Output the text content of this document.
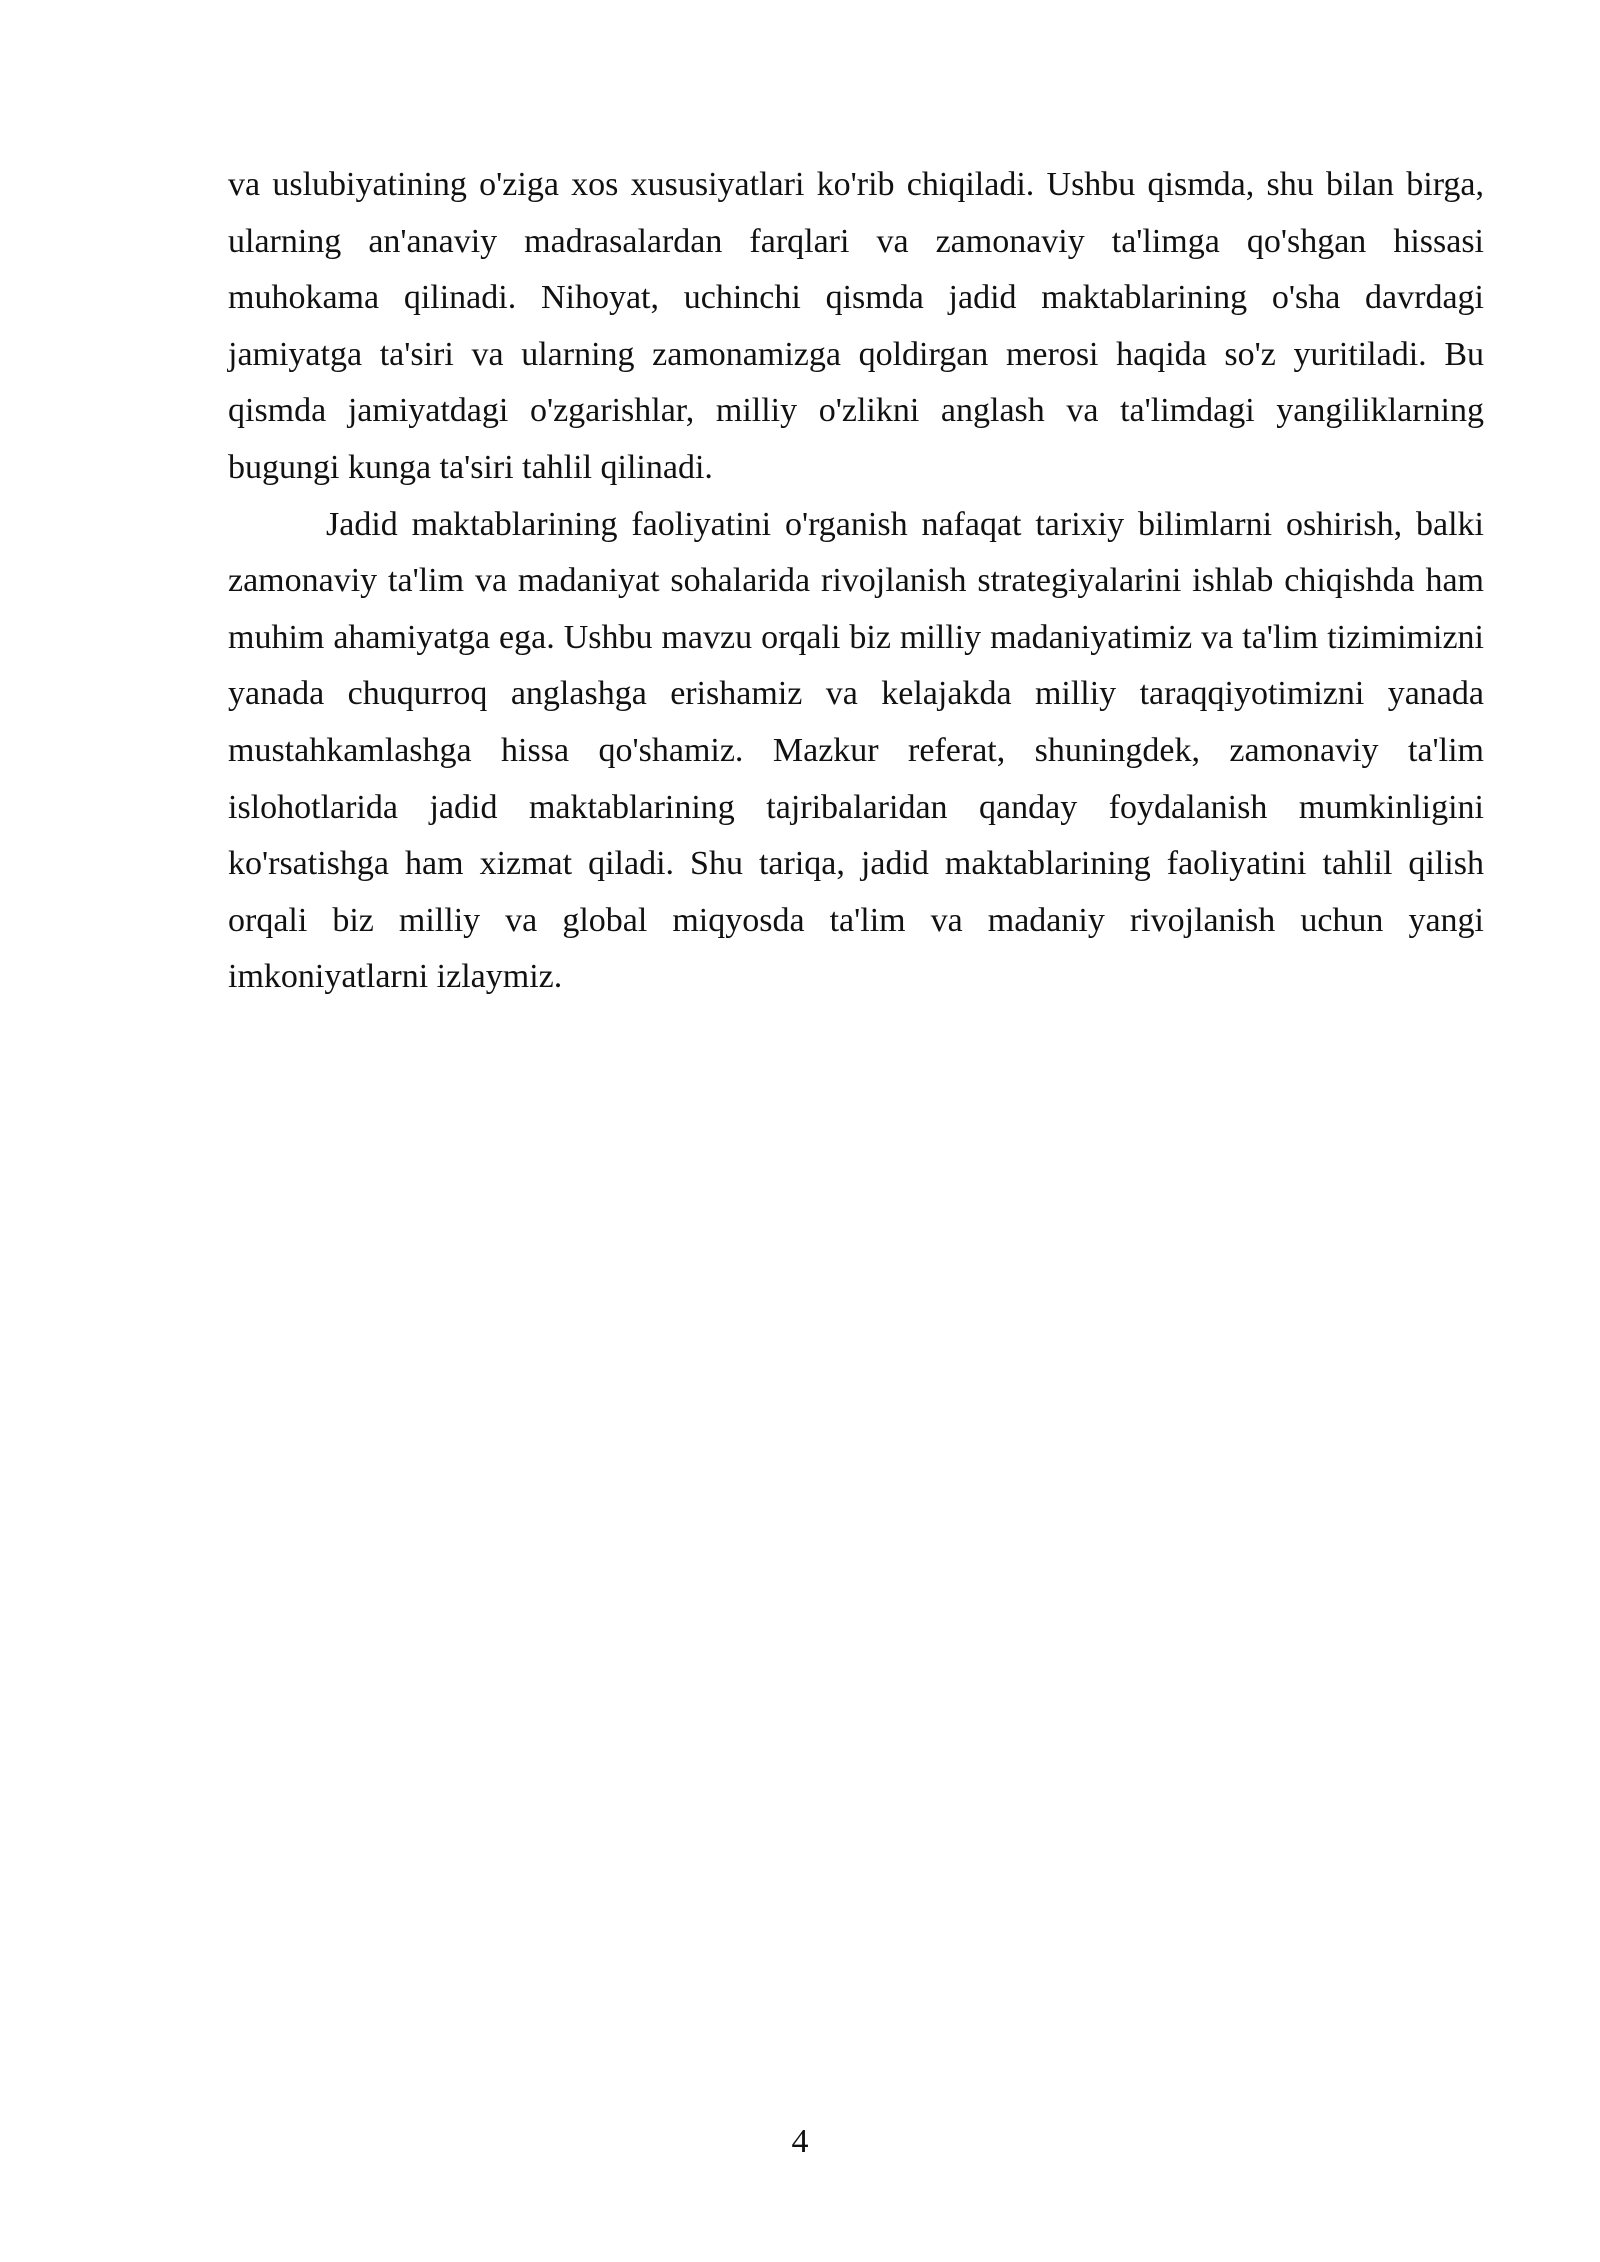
va uslubiyatining o'ziga xos xususiyatlari ko'rib chiqiladi. Ushbu qismda, shu bilan birga, ularning an'anaviy madrasalardan farqlari va zamonaviy ta'limga qo'shgan hissasi muhokama qilinadi. Nihoyat, uchinchi qismda jadid maktablarining o'sha davrdagi jamiyatga ta'siri va ularning zamonamizga qoldirgan merosi haqida so'z yuritiladi. Bu qismda jamiyatdagi o'zgarishlar, milliy o'zlikni anglash va ta'limdagi yangiliklarning bugungi kunga ta'siri tahlil qilinadi.

Jadid maktablarining faoliyatini o'rganish nafaqat tarixiy bilimlarni oshirish, balki zamonaviy ta'lim va madaniyat sohalarida rivojlanish strategiyalarini ishlab chiqishda ham muhim ahamiyatga ega. Ushbu mavzu orqali biz milliy madaniyatimiz va ta'lim tizimimizni yanada chuqurroq anglashga erishamiz va kelajakda milliy taraqqiyotimizni yanada mustahkamlashga hissa qo'shamiz. Mazkur referat, shuningdek, zamonaviy ta'lim islohotlarida jadid maktablarining tajribalaridan qanday foydalanish mumkinligini ko'rsatishga ham xizmat qiladi. Shu tariqa, jadid maktablarining faoliyatini tahlil qilish orqali biz milliy va global miqyosda ta'lim va madaniy rivojlanish uchun yangi imkoniyatlarni izlaymiz.

4
